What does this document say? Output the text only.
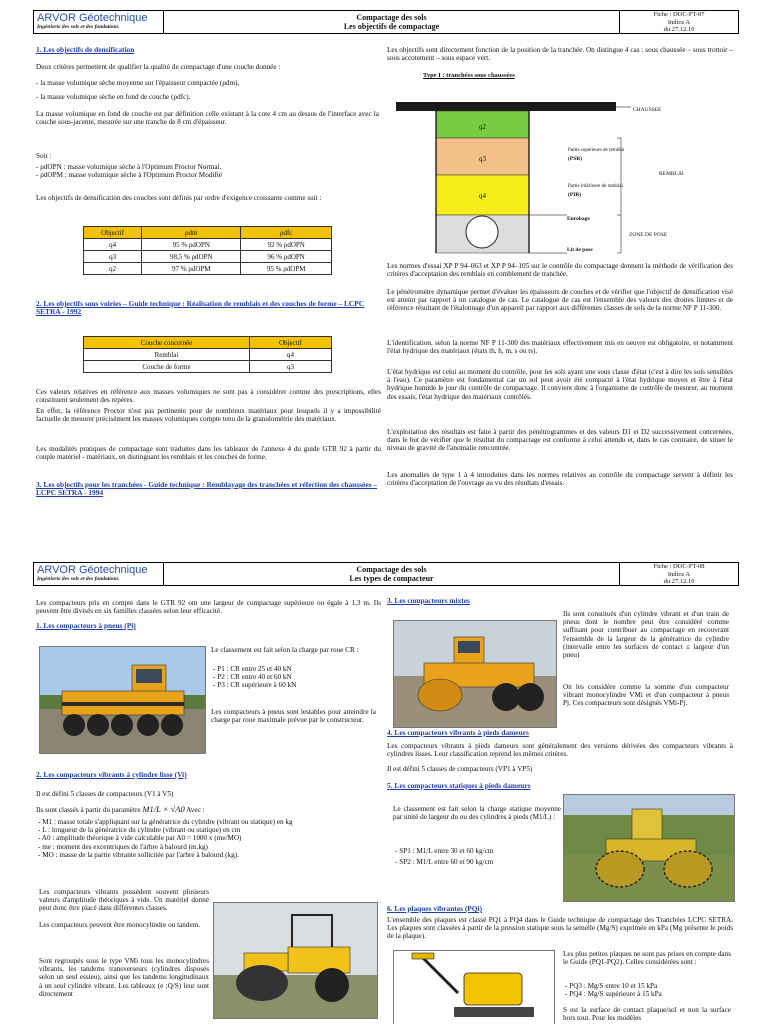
ARVOR Géotechnique
Ingénierie des sols et des fondations
Compactage des sols
Les objectifs de compactage
Fiche : DOC-FT-07
Indice A
du 27.12.10
1. Les objectifs de densification
Deux critères permettent de qualifier la qualité de compactage d'une couche donnée :
- la masse volumique sèche moyenne sur l'épaisseur compactée (ρdm),
- la masse volumique sèche en fond de couche (ρdfc).
La masse volumique en fond de couche est par définition celle existant à la cote 4 cm au dessus de l'interface avec la couche sous-jacente, mesurée sur une tranche de 8 cm d'épaisseur.
Soit :
- ρdOPN : masse volumique sèche à l'Optimum Proctor Normal.
- ρdOPM : masse volumique sèche à l'Optimum Proctor Modifié
Les objectifs de densification des couches sont définis par ordre d'exigence croissante comme suit :
Objectif	ρdm	ρdfc
q4	95 % ρdOPN	92 % ρdOPN
q3	98,5 % ρdOPN	96 % ρdOPN
q2	97 % ρdOPM	95 % ρdOPM
2. Les objectifs sous voiries – Guide technique : Réalisation de remblais et des couches de forme – LCPC SETRA - 1992
Couche concernée	Objectif
Remblai	q4
Couche de forme	q3
Ces valeurs relatives en référence aux masses volumiques ne sont pas à considérer comme des prescriptions, elles constituent seulement des repères.
En effet, la référence Proctor n'est pas pertinente pour de nombreux matériaux pour lesquels il y a impossibilité factuelle de mesurer précisément les masses volumiques compte tenu de la granulométrie des matériaux.
Les modalités pratiques de compactage sont traduites dans les tableaux de l'annexe 4 du guide GTR 92 à partir du couple matériel - matériaux, en distinguant les remblais et les couches de forme.
3. Les objectifs pour les tranchées - Guide technique : Remblayage des tranchées et réfection des chaussées – LCPC SETRA - 1994
Les objectifs sont directement fonction de la position de la tranchée. On distingue 4 cas : sous chaussée – sous trottoir – sous accotement – sous espace vert.
Type I : tranchées sous chaussées
CHAUSSEE
q2
q3
q4
Partie supérieure de remblai
(PSR)
Partie inférieure de remblai
(PIR)
REMBLAI
Enrobage
ZONE DE POSE
Lit de pose
Les normes d'essai XP P 94–063 et XP P 94–105 sur le contrôle du compactage donnent la méthode de vérification des critères d'acceptation des remblais en comblement de tranchée.
Le pénétromètre dynamique permet d'évaluer les épaisseurs de couches et de vérifier que l'objectif de densification visé est atteint par rapport à un catalogue de cas. Le catalogue de cas est l'ensemble des valeurs des droites limites et de référence résultant de l'étalonnage d'un appareil par rapport aux différentes classes de sols de la norme NF P 11-300.
L'identification, selon la norme NF P 11-300 des matériaux effectivement mis en oeuvre est obligatoire, et notamment l'état hydrique des matériaux (états th, h, m, s ou ts).
L'état hydrique est celui au moment du contrôle, pour les sols ayant une sous classe d'état (c'est à dire les sols sensibles à l'eau). Ce paramètre est fondamental car un sol peut avoir été compacté à l'état hydrique moyen et être à l'état hydrique humide le jour du contrôle de compactage. Il convient donc à l'organisme de contrôle de mesurer, au moment des essais, l'état hydrique des matériaux contrôlés.
L'exploitation des résultats est faite à partir des pénétrogrammes et des valeurs D1 et D2 successivement concernées, dans le but de vérifier que le résultat du compactage est conforme à celui attendu et, dans le cas contraire, de situer le niveau de gravité de l'anomalie rencontrée.
Les anomalies de type 1 à 4 introduites dans les normes relatives au contrôle du compactage servent à définir les critères d'acceptation de l'ouvrage au vu des résultats d'essais.
ARVOR Géotechnique
Ingénierie des sols et des fondations
Compactage des sols
Les types de compacteur
Fiche : DOC-FT-08
Indice A
du 27.12.10
Les compacteurs pris en compte dans le GTR 92 ont une largeur de compactage supérieure ou égale à 1,3 m. Ils peuvent être divisés en six familles classées selon leur efficacité.
1. Les compacteurs à pneus (Pi)
Le classement est fait selon la charge par roue CR :
- P1 : CR entre 25 et 40 kN
- P2 : CR entre 40 et 60 kN
- P3 : CR supérieure à 60 kN
Les compacteurs à pneus sont lestables pour atteindre la charge par roue maximale prévue par le constructeur.
2. Les compacteurs vibrants à cylindre lisse (Vi)
Il est défini 5 classes de compacteurs (V1 à V5)
Ils sont classés à partir du paramètre M1/L × √A0 Avec :
- M1 : masse totale s'appliquant sur la génératrice du cylindre (vibrant ou statique) en kg
- L : longueur de la génératrice du cylindre (vibrant ou statique) en cm
- A0 : amplitude théorique à vide calculable par A0 = 1000 x (me/MO)
- me : moment des excentriques de l'arbre à balourd (m.kg)
- MO : masse de la partie vibrante sollicitée par l'arbre à balourd (kg).
Les compacteurs vibrants possèdent souvent plusieurs valeurs d'amplitude théoriques à vide. Un matériel donné peut donc être placé dans différentes classes.
Les compacteurs peuvent être monocylindre ou tandem.
Sont regroupés sous le type VMi tous les monocylindres vibrants, les tandems transverseurs (cylindres disposés selon un seul essieu), ainsi que les tandems longitudinaux à un seul cylindre vibrant. Les tableaux (e ;Q/S) leur sont directement
3. Les compacteurs mixtes
Ils sont constitués d'un cylindre vibrant et d'un train de pneus dont le nombre peut être considéré comme suffisant pour contribuer au compactage en recouvrant l'ensemble de la largeur de la génératrice du cylindre (intervalle entre les surfaces de contact ≤ largeur d'un pneu)
On les considère comme la somme d'un compacteur vibrant monocylindre VMi et d'un compacteur à pneus Pj. Ces compacteurs sont désignés VMi-Pj.
4. Les compacteurs vibrants à pieds dameurs
Les compacteurs vibrants à pieds dameurs sont généralement des versions dérivées des compacteurs vibrants à cylindres lisses. Leur classification reprend les mêmes critères.
Il est défini 5 classes de compacteurs (VP1 à VP5)
5. Les compacteurs statiques à pieds dameurs
Le classement est fait selon la charge statique moyenne par unité de largeur du ou des cylindres à pieds (M1/L) :
- SP1 : M1/L entre 30 et 60 kg/cm
- SP2 : M1/L entre 60 et 90 kg/cm
6. Les plaques vibrantes (PQi)
L'ensemble des plaques est classé PQ1 à PQ4 dans le Guide technique de compactage des Tranchées LCPC SETRA. Les plaques sont classées à partir de la pression statique sous la semelle (Mg/S) exprimée en kPa (Mg présente le poids de la plaque).
Les plus petites plaques ne sont pas prises en compte dans le Guide (PQ1-PQ2). Celles considérées sont :
- PQ3 : Mg/S entre 10 et 15 kPa
- PQ4 : Mg/S supérieure à 15 kPa
S est la surface de contact plaque/sol et non la surface hors tout. Pour les modèles
